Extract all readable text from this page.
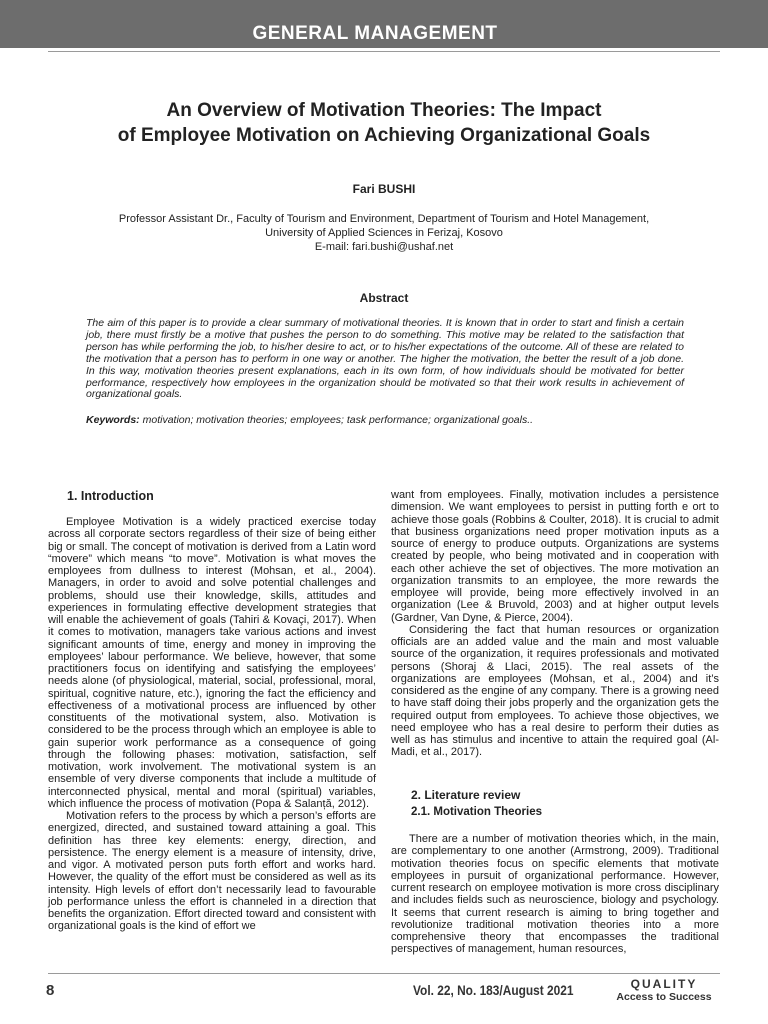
GENERAL MANAGEMENT
An Overview of Motivation Theories: The Impact
of Employee Motivation on Achieving Organizational Goals
Fari BUSHI
Professor Assistant Dr., Faculty of Tourism and Environment, Department of Tourism and Hotel Management,
University of Applied Sciences in Ferizaj, Kosovo
E-mail: fari.bushi@ushaf.net
Abstract
The aim of this paper is to provide a clear summary of motivational theories. It is known that in order to start and finish a certain job, there must firstly be a motive that pushes the person to do something. This motive may be related to the satisfaction that person has while performing the job, to his/her desire to act, or to his/her expectations of the outcome. All of these are related to the motivation that a person has to perform in one way or another. The higher the motivation, the better the result of a job done. In this way, motivation theories present explanations, each in its own form, of how individuals should be motivated for better performance, respectively how employees in the organization should be motivated so that their work results in achievement of organizational goals.
Keywords: motivation; motivation theories; employees; task performance; organizational goals..
1. Introduction

Employee Motivation is a widely practiced exercise today across all corporate sectors regardless of their size of being either big or small. The concept of motivation is derived from a Latin word “movere” which means “to move”. Motivation is what moves the employees from dullness to interest (Mohsan, et al., 2004). Managers, in order to avoid and solve potential challenges and problems, should use their knowledge, skills, attitudes and experiences in formulating effective development strategies that will enable the achievement of goals (Tahiri & Kovaçi, 2017). When it comes to motivation, managers take various actions and invest significant amounts of time, energy and money in improving the employees’ labour performance. We believe, however, that some practitioners focus on identifying and satisfying the employees’ needs alone (of physiological, material, social, professional, moral, spiritual, cognitive nature, etc.), ignoring the fact the efficiency and effectiveness of a motivational process are influenced by other constituents of the motivational system, also. Motivation is considered to be the process through which an employee is able to gain superior work performance as a consequence of going through the following phases: motivation, satisfaction, self motivation, work involvement. The motivational system is an ensemble of very diverse components that include a multitude of interconnected physical, mental and moral (spiritual) variables, which influence the process of motivation (Popa & Salanță, 2012).

Motivation refers to the process by which a person’s efforts are energized, directed, and sustained toward attaining a goal. This definition has three key elements: energy, direction, and persistence. The energy element is a measure of intensity, drive, and vigor. A motivated person puts forth effort and works hard. However, the quality of the effort must be considered as well as its intensity. High levels of effort don’t necessarily lead to favourable job performance unless the effort is channeled in a direction that benefits the organization. Effort directed toward and consistent with organizational goals is the kind of effort we

want from employees. Finally, motivation includes a persistence dimension. We want employees to persist in putting forth e ort to achieve those goals (Robbins & Coulter, 2018). It is crucial to admit that business organizations need proper motivation inputs as a source of energy to produce outputs. Organizations are systems created by people, who being motivated and in cooperation with each other achieve the set of objectives. The more motivation an organization transmits to an employee, the more rewards the employee will provide, being more effectively involved in an organization (Lee & Bruvold, 2003) and at higher output levels (Gardner, Van Dyne, & Pierce, 2004).

Considering the fact that human resources or organization officials are an added value and the main and most valuable source of the organization, it requires professionals and motivated persons (Shoraj & Llaci, 2015). The real assets of the organizations are employees (Mohsan, et al., 2004) and it’s considered as the engine of any company. There is a growing need to have staff doing their jobs properly and the organization gets the required output from employees. To achieve those objectives, we need employee who has a real desire to perform their duties as well as has stimulus and incentive to attain the required goal (Al-Madi, et al., 2017).

2. Literature review
2.1. Motivation Theories

There are a number of motivation theories which, in the main, are complementary to one another (Armstrong, 2009). Traditional motivation theories focus on specific elements that motivate employees in pursuit of organizational performance. However, current research on employee motivation is more cross disciplinary and includes fields such as neuroscience, biology and psychology. It seems that current research is aiming to bring together and revolutionize traditional motivation theories into a more comprehensive theory that encompasses the traditional perspectives of management, human resources,

8	Vol. 22, No. 183/August 2021	QUALITY
Access to Success
